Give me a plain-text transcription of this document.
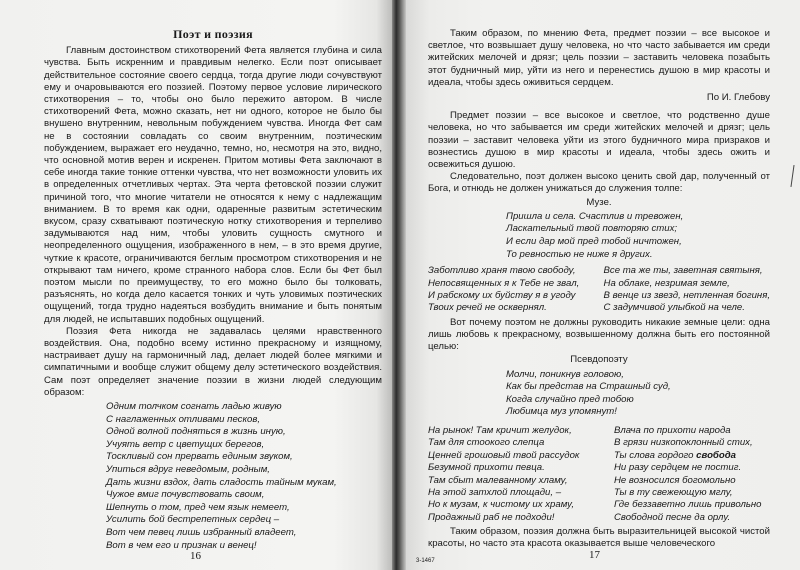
Поэт и поэзия

Главным достоинством стихотворений Фета является глубина и сила чувства. Быть искренним и правдивым нелегко. Если поэт описывает действительное состояние своего сердца, тогда другие люди сочувствуют ему и очаровываются его поэзией. Поэтому первое условие лирического стихотворения – то, чтобы оно было пережито автором. В числе стихотворений Фета, можно сказать, нет ни одного, которое не было бы внушено внутренним, невольным побуждением чувства. Иногда Фет сам не в состоянии совладать со своим внутренним, поэтическим побуждением, выражает его неудачно, темно, но, несмотря на это, видно, что основной мотив верен и искренен. Притом мотивы Фета заключают в себе иногда такие тонкие оттенки чувства, что нет возможности уловить их в определенных отчетливых чертах. Эта черта фетовской поэзии служит причиной того, что многие читатели не относятся к нему с надлежащим вниманием. В то время как одни, одаренные развитым эстетическим вкусом, сразу схватывают поэтическую нотку стихотворения и терпеливо задумываются над ним, чтобы уловить сущность смутного и неопределенного ощущения, изображенного в нем, – в это время другие, чуткие к красоте, ограничиваются беглым просмотром стихотворения и не открывают там ничего, кроме странного набора слов. Если бы Фет был поэтом мысли по преимуществу, то его можно было бы толковать, разъяснять, но когда дело касается тонких и чуть уловимых поэтических ощущений, тогда трудно надеяться возбудить внимание и быть понятым для людей, не испытавших подобных ощущений.

Поэзия Фета никогда не задавалась целями нравственного воздействия. Она, подобно всему истинно прекрасному и изящному, настраивает душу на гармоничный лад, делает людей более мягкими и симпатичными и вообще служит общему делу эстетического воздействия. Сам поэт определяет значение поэзии в жизни людей следующим образом:

Одним толчком согнать ладью живую
С наглаженных отливами песков,
Одной волной подняться в жизнь иную,
Учуять ветр с цветущих берегов,
Тоскливый сон прервать единым звуком,
Упиться вдруг неведомым, родным,
Дать жизни вздох, дать сладость тайным мукам,
Чужое вмиг почувствовать своим,
Шепнуть о том, пред чем язык немеет,
Усилить бой бестрепетных сердец –
Вот чем певец лишь избранный владеет,
Вот в чем его и признак и венец!
16

Таким образом, по мнению Фета, предмет поэзии – все высокое и светлое, что возвышает душу человека, но что часто забывается им среди житейских мелочей и дрязг; цель поэзии – заставить человека позабыть этот будничный мир, уйти из него и перенестись душою в мир красоты и идеала, чтобы здесь оживиться сердцем.

По И. Глебову

Предмет поэзии – все высокое и светлое, что родственно душе человека, но что забывается им среди житейских мелочей и дрязг; цель поэзии – заставит человека уйти из этого будничного мира призраков и вознестись душою в мир красоты и идеала, чтобы здесь ожить и освежиться душою.

Следовательно, поэт должен высоко ценить свой дар, полученный от Бога, и отнюдь не должен унижаться до служения толпе:

Музе.
Пришла и села. Счастлив и тревожен,
Ласкательный твой повторяю стих;
И если дар мой пред тобой ничтожен,
То ревностью не ниже я других.
Заботливо храня твою свободу,
Непосвященных я к Тебе не звал,
И рабскому их буйству я в угоду
Твоих речей не осквернял.
Все та же ты, заветная святыня,
На облаке, незримая земле,
В венце из звезд, нетленная богиня,
С задумчивой улыбкой на челе.

Вот почему поэтом не должны руководить никакие земные цели: одна лишь любовь к прекрасному, возвышенному должна быть его постоянной целью:

Псевдопоэту
Молчи, поникнув головою,
Как бы представ на Страшный суд,
Когда случайно пред тобою
Любимца муз упомянут!
На рынок! Там кричит желудок,
Там для стоокого слепца
Ценней грошовый твой рассудок
Безумной прихоти певца.
Там сбыт малеванному хламу,
На этой затхлой площади, –
Но к музам, к чистому их храму,
Продажный раб не подходи!
Влача по прихоти народа
В грязи низкопоклонный стих,
Ты слова гордого свобода
Ни разу сердцем не постиг.
Не возносился богомольно
Ты в ту свежеющую мглу,
Где беззаветно лишь привольно
Свободной песне да орлу.

Таким образом, поэзия должна быть выразительницей высокой чистой красоты, но часто эта красота оказывается выше человеческого

17
3-1467
